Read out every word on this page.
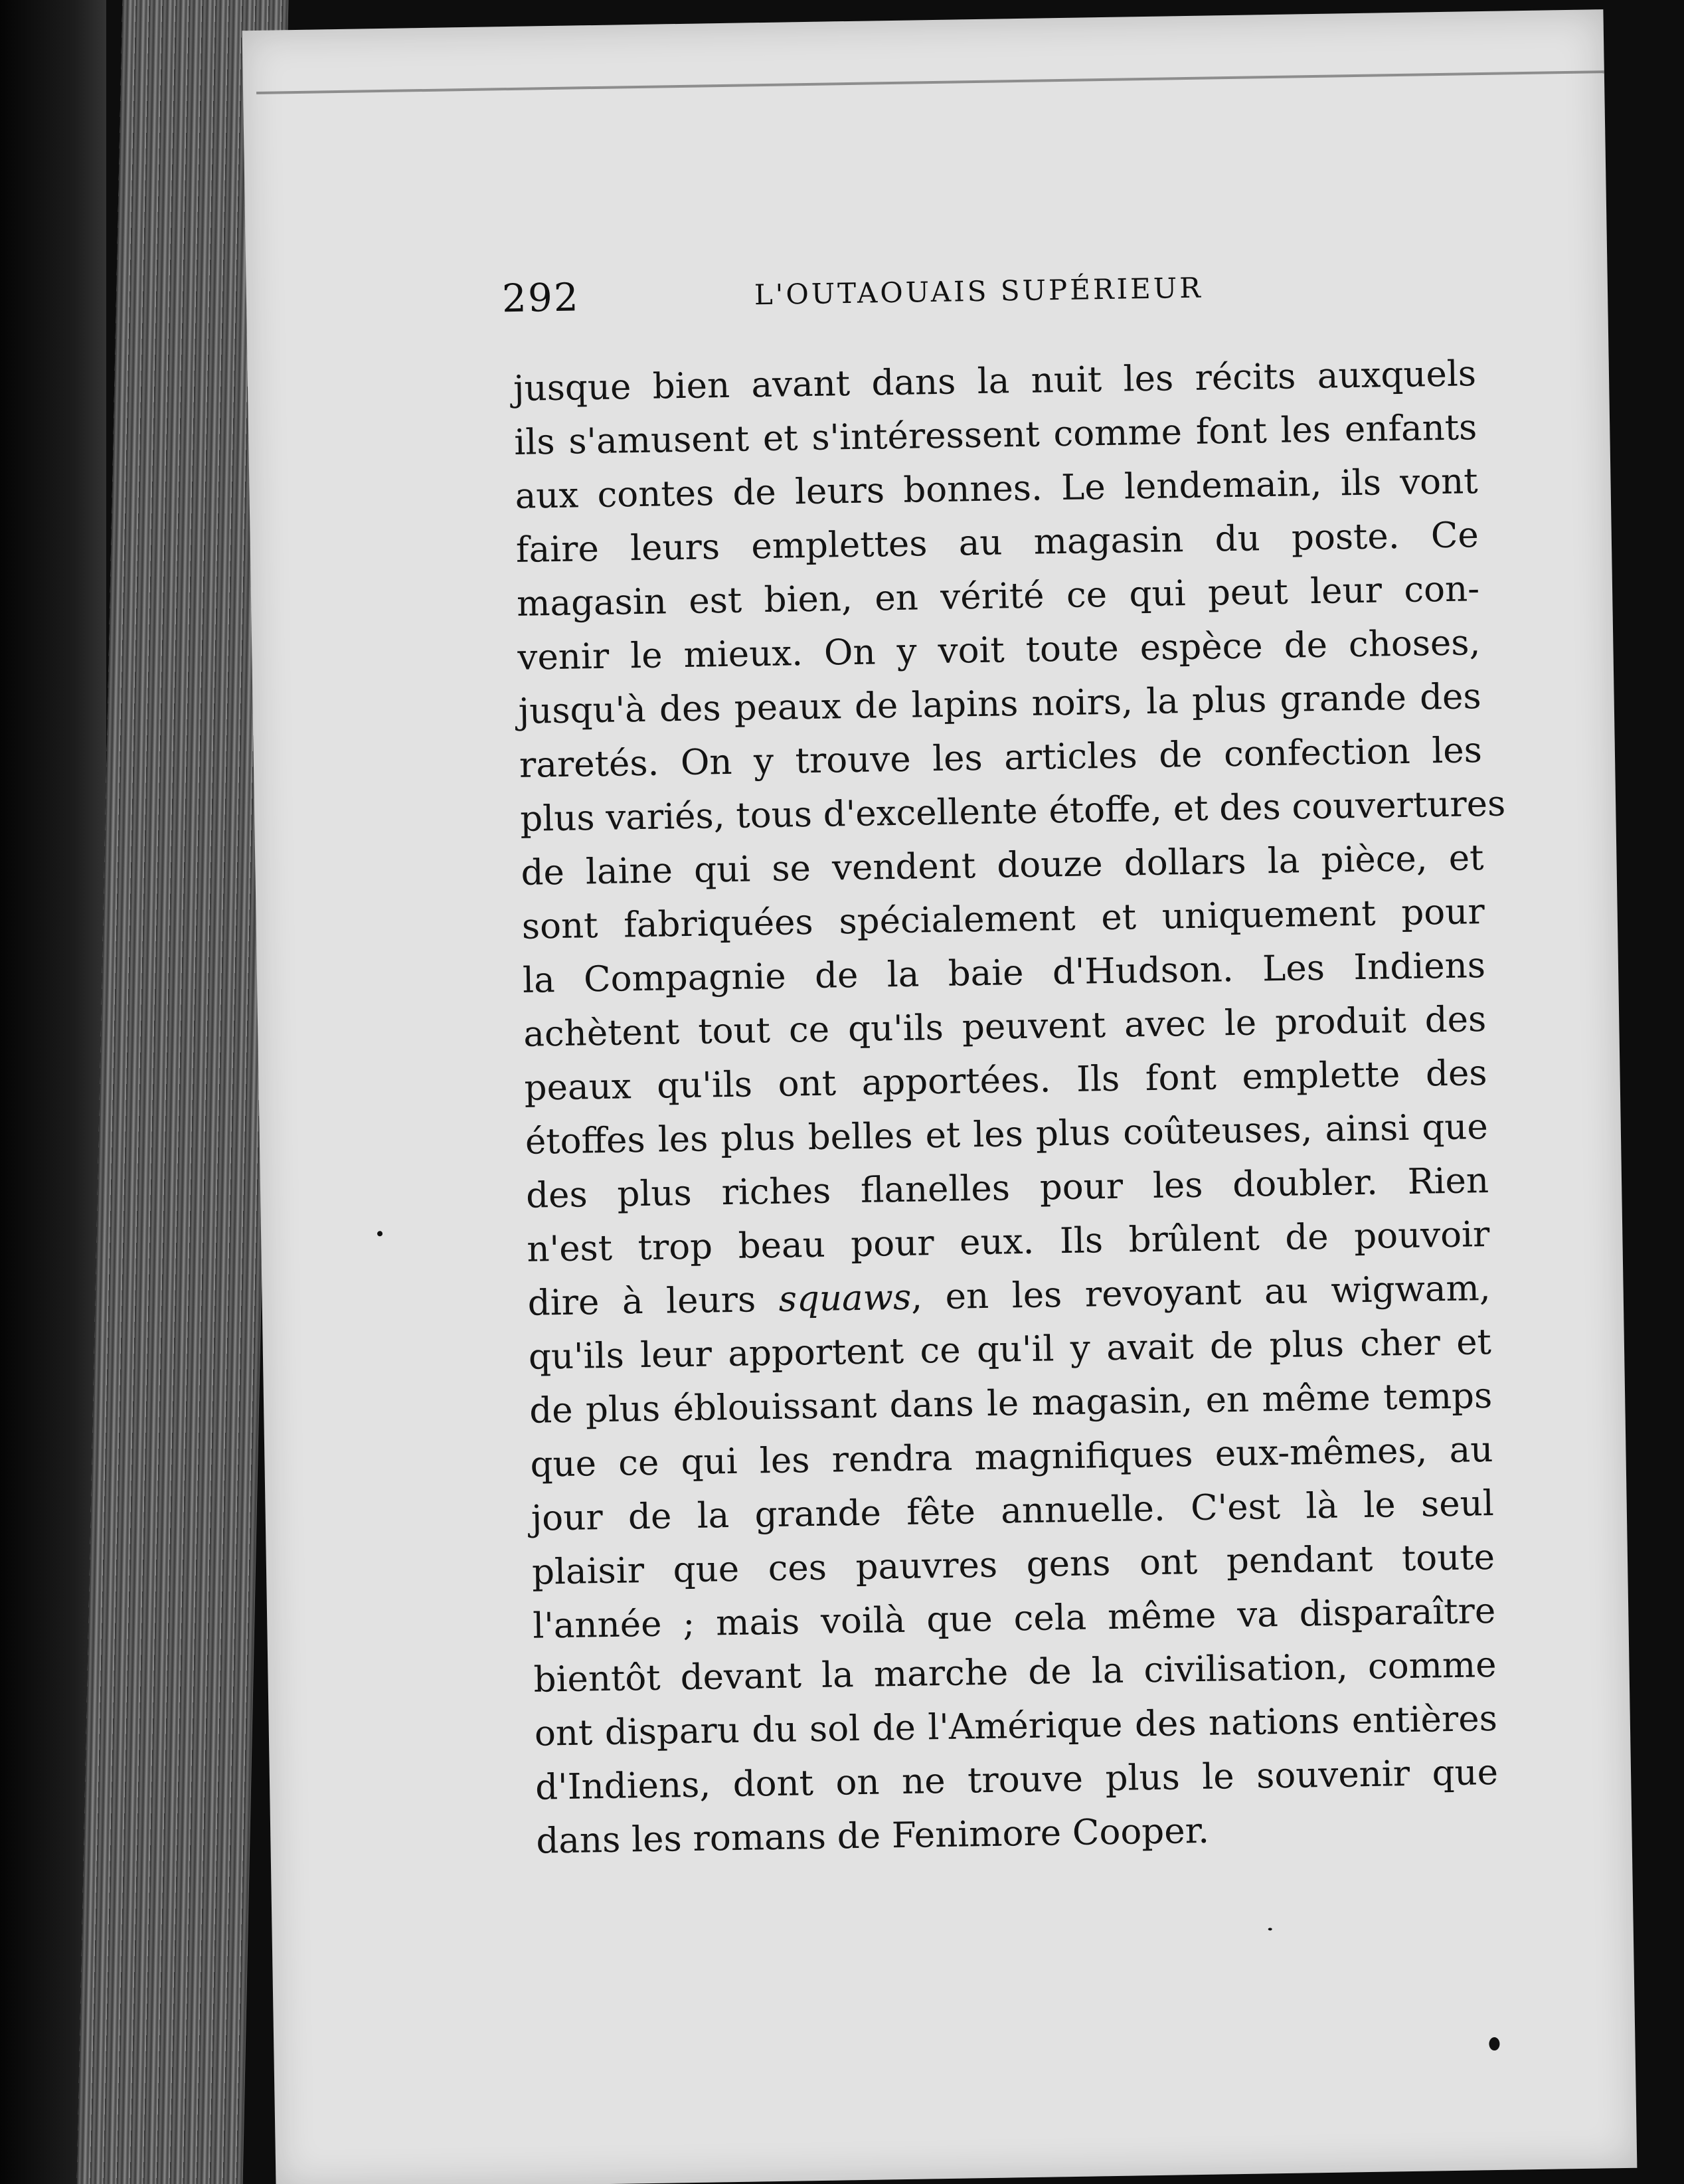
292	L'OUTAOUAIS SUPÉRIEUR
jusque bien avant dans la nuit les récits auxquels
ils s'amusent et s'intéressent comme font les enfants
aux contes de leurs bonnes. Le lendemain, ils vont
faire leurs emplettes au magasin du poste. Ce
magasin est bien, en vérité ce qui peut leur con-
venir le mieux. On y voit toute espèce de choses,
jusqu'à des peaux de lapins noirs, la plus grande des
raretés. On y trouve les articles de confection les
plus variés, tous d'excellente étoffe, et des couvertures
de laine qui se vendent douze dollars la pièce, et
sont fabriquées spécialement et uniquement pour
la Compagnie de la baie d'Hudson. Les Indiens
achètent tout ce qu'ils peuvent avec le produit des
peaux qu'ils ont apportées. Ils font emplette des
étoffes les plus belles et les plus coûteuses, ainsi que
des plus riches flanelles pour les doubler. Rien
n'est trop beau pour eux. Ils brûlent de pouvoir
dire à leurs squaws, en les revoyant au wigwam,
qu'ils leur apportent ce qu'il y avait de plus cher et
de plus éblouissant dans le magasin, en même temps
que ce qui les rendra magnifiques eux-mêmes, au
jour de la grande fête annuelle. C'est là le seul
plaisir que ces pauvres gens ont pendant toute
l'année ; mais voilà que cela même va disparaître
bientôt devant la marche de la civilisation, comme
ont disparu du sol de l'Amérique des nations entières
d'Indiens, dont on ne trouve plus le souvenir que
dans les romans de Fenimore Cooper.
